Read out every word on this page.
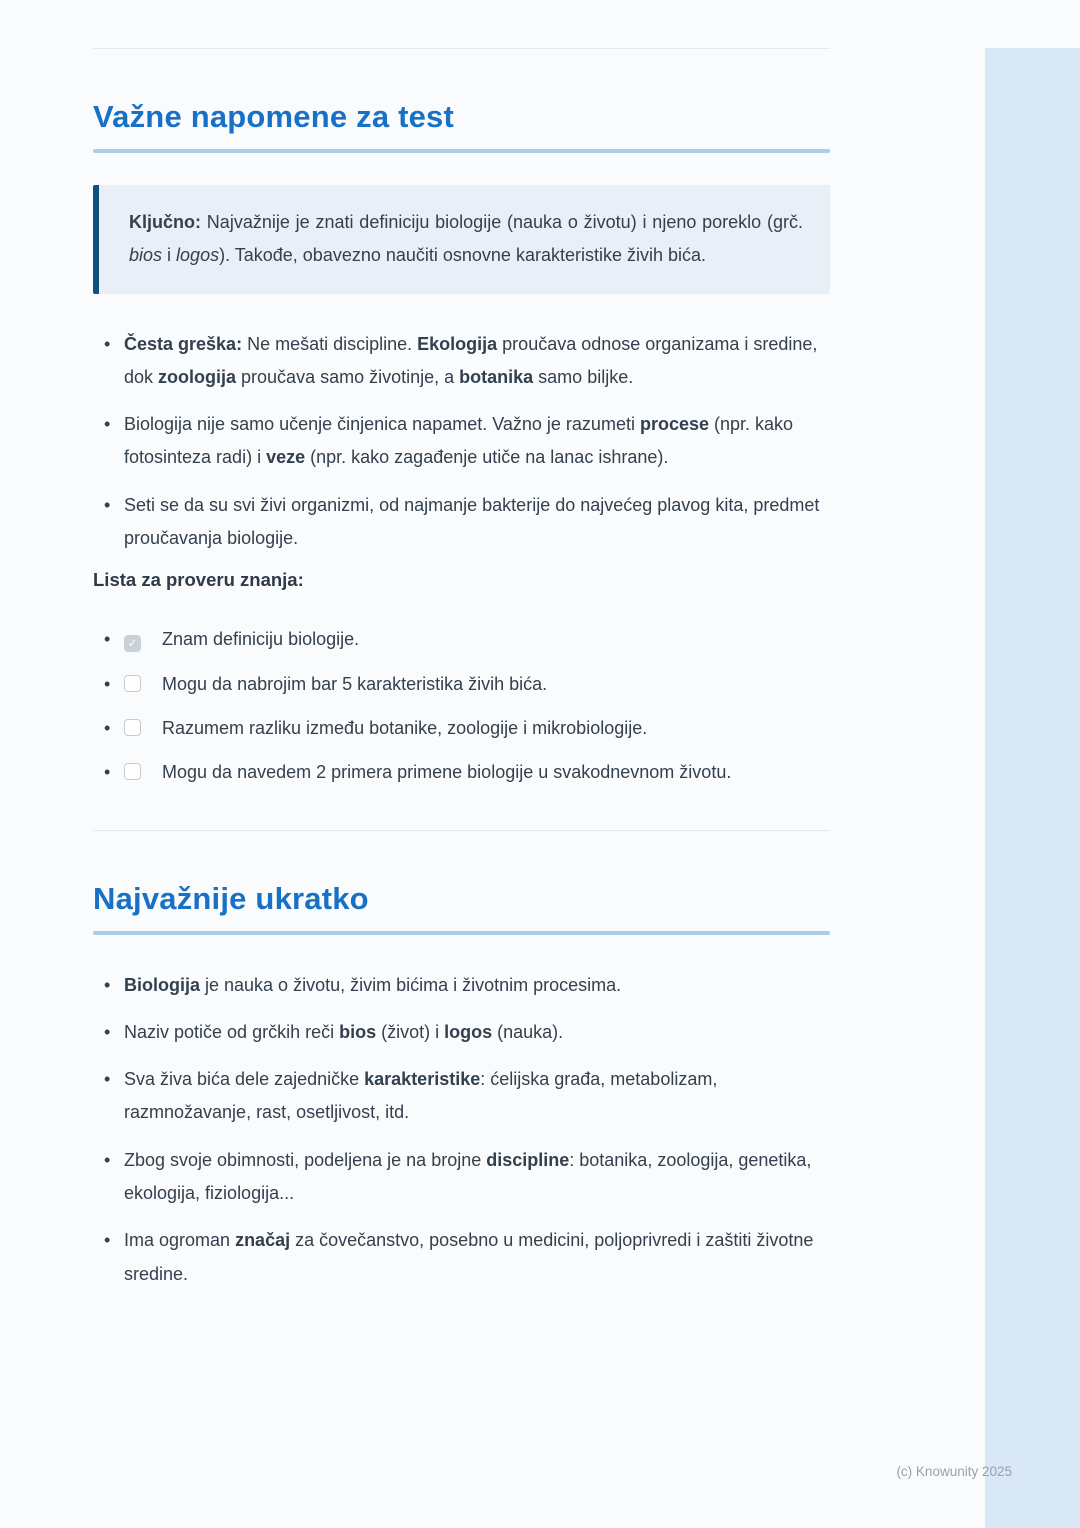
Važne napomene za test

Ključno: Najvažnije je znati definiciju biologije (nauka o životu) i njeno poreklo (grč. bios i logos). Takođe, obavezno naučiti osnovne karakteristike živih bića.

•
Česta greška: Ne mešati discipline. Ekologija proučava odnose organizama i sredine, dok zoologija proučava samo životinje, a botanika samo biljke.
•
Biologija nije samo učenje činjenica napamet. Važno je razumeti procese (npr. kako fotosinteza radi) i veze (npr. kako zagađenje utiče na lanac ishrane).
•
Seti se da su svi živi organizmi, od najmanje bakterije do najvećeg plavog kita, predmet proučavanja biologije.

Lista za proveru znanja:

•
✓ Znam definiciju biologije.
•
Mogu da nabrojim bar 5 karakteristika živih bića.
•
Razumem razliku između botanike, zoologije i mikrobiologije.
•
Mogu da navedem 2 primera primene biologije u svakodnevnom životu.
Najvažnije ukratko
•
Biologija je nauka o životu, živim bićima i životnim procesima.
•
Naziv potiče od grčkih reči bios (život) i logos (nauka).
•
Sva živa bića dele zajedničke karakteristike: ćelijska građa, metabolizam, razmnožavanje, rast, osetljivost, itd.
•
Zbog svoje obimnosti, podeljena je na brojne discipline: botanika, zoologija, genetika, ekologija, fiziologija...
•
Ima ogroman značaj za čovečanstvo, posebno u medicini, poljoprivredi i zaštiti životne sredine.
(c) Knowunity 2025
